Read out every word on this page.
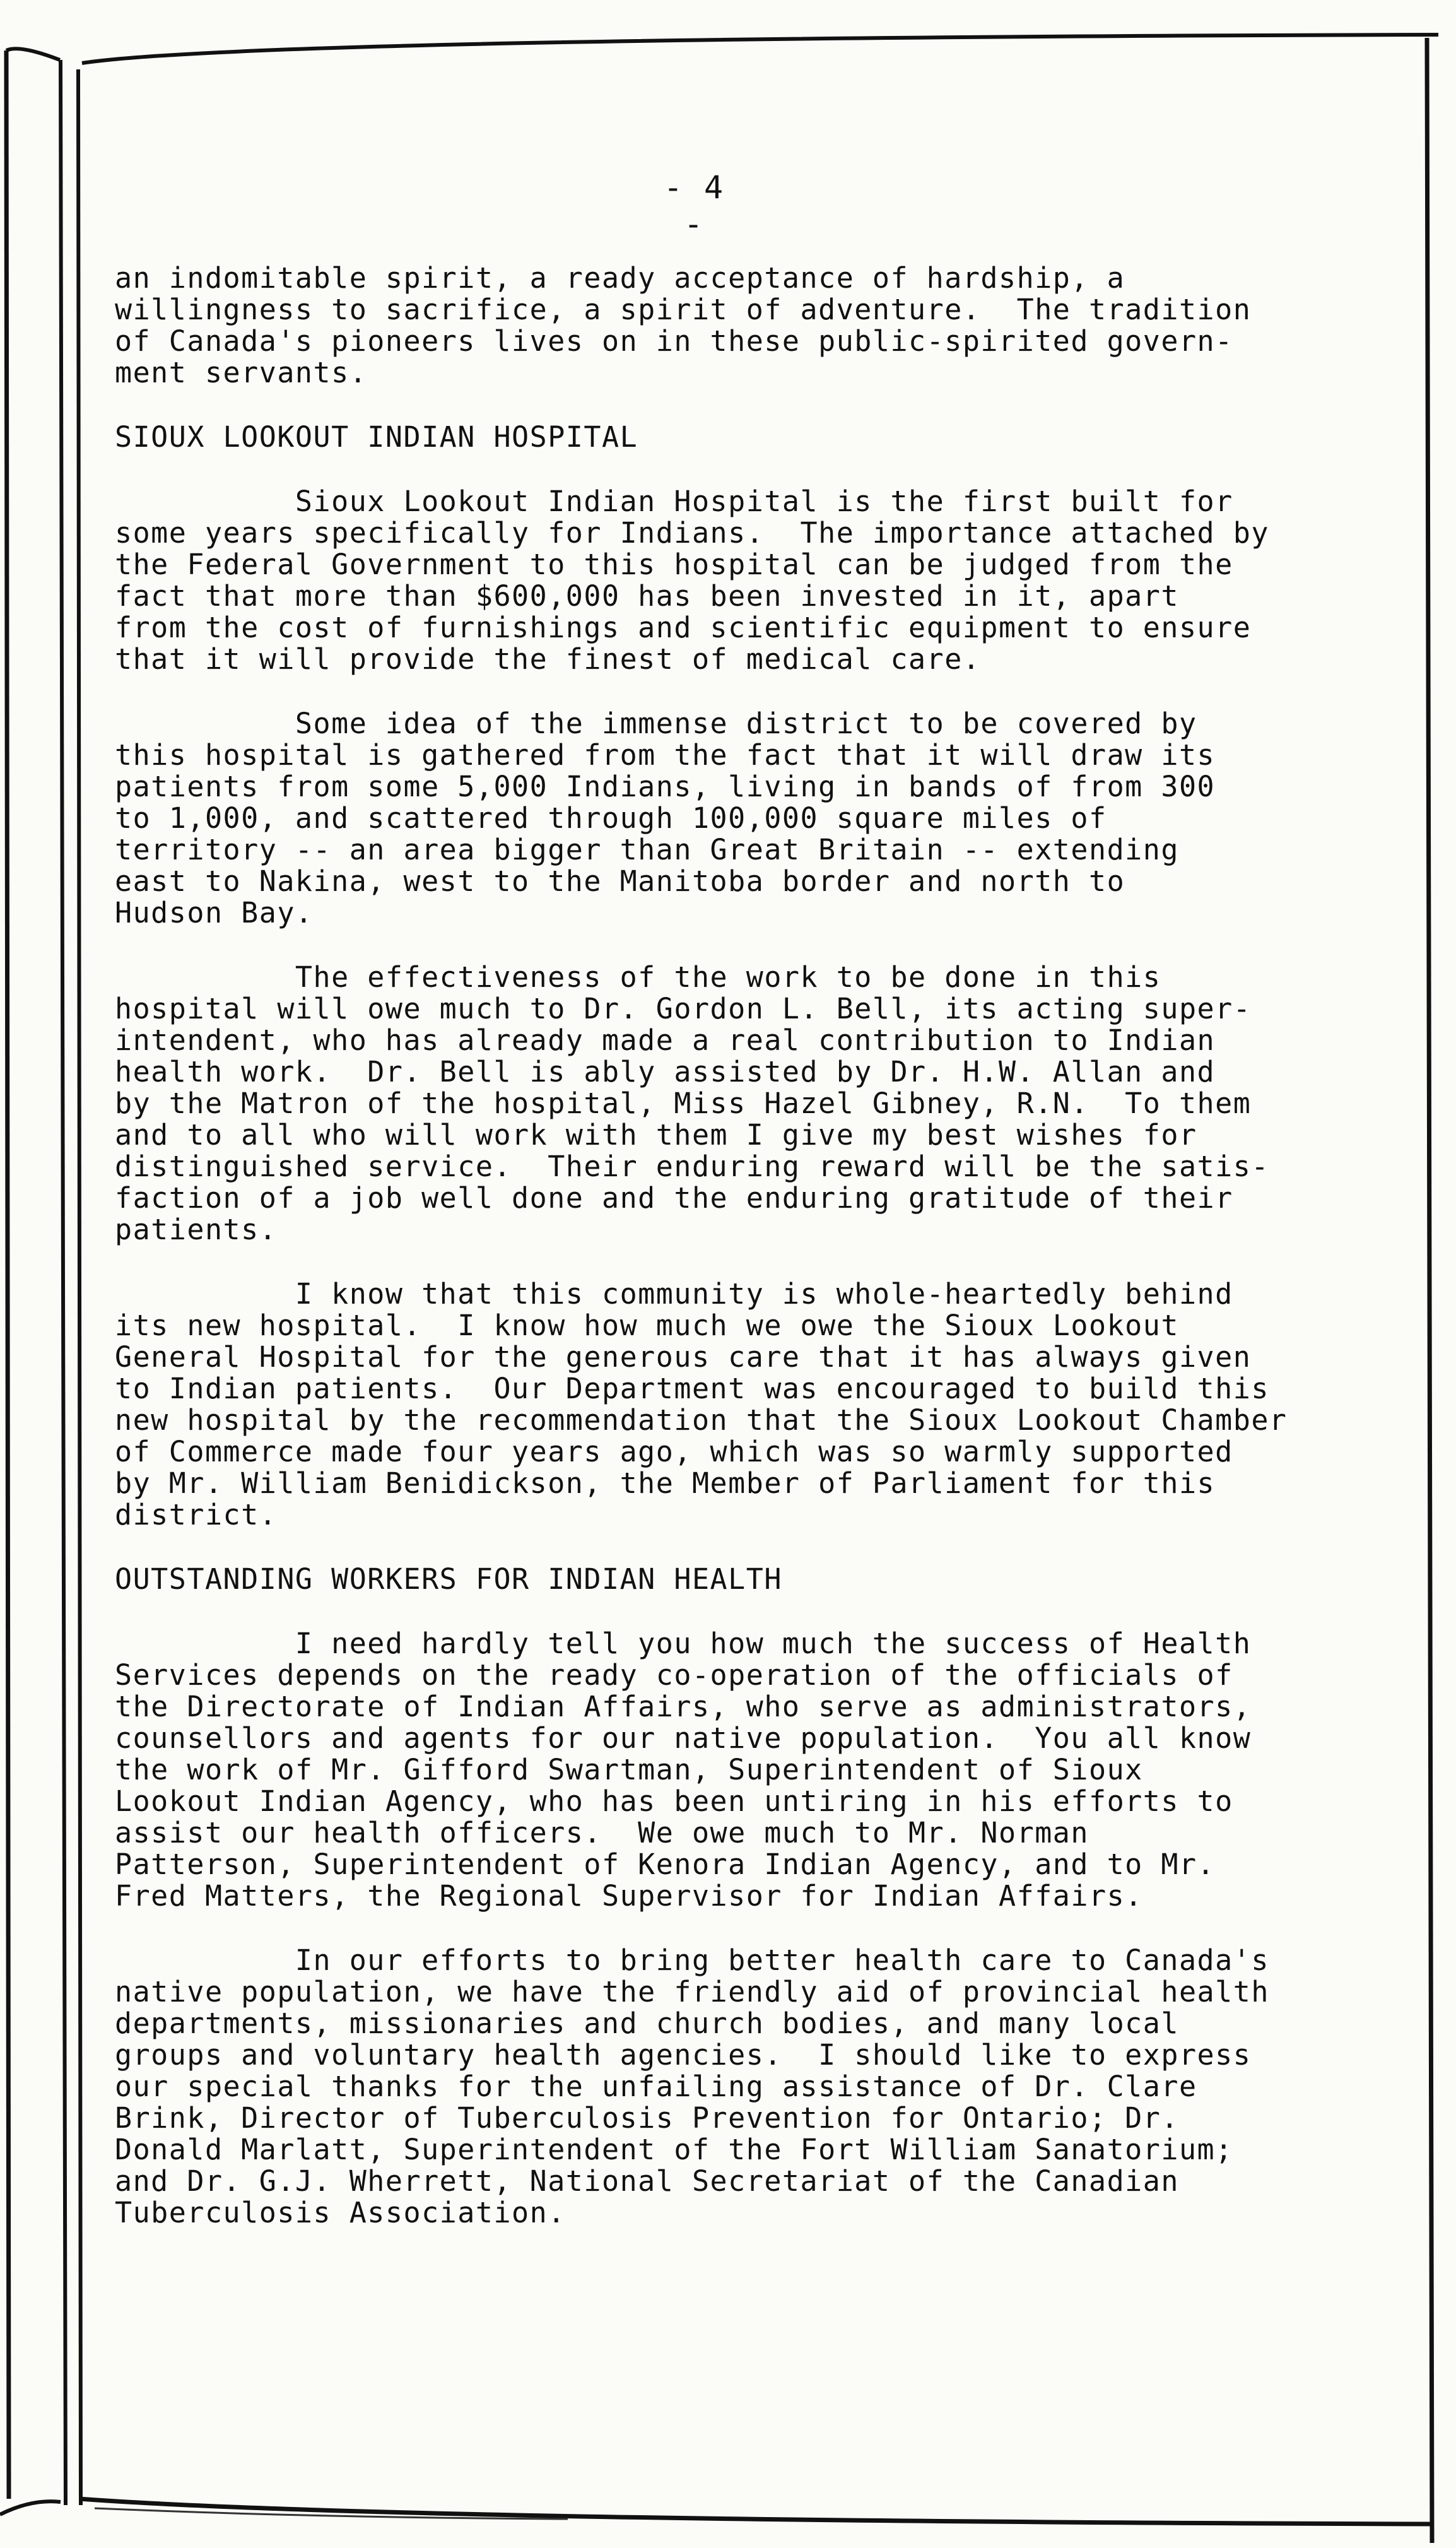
- 4 -
an indomitable spirit, a ready acceptance of hardship, a
willingness to sacrifice, a spirit of adventure.  The tradition
of Canada's pioneers lives on in these public-spirited govern-
ment servants.
SIOUX LOOKOUT INDIAN HOSPITAL
Sioux Lookout Indian Hospital is the first built for
some years specifically for Indians.  The importance attached by
the Federal Government to this hospital can be judged from the
fact that more than $600,000 has been invested in it, apart
from the cost of furnishings and scientific equipment to ensure
that it will provide the finest of medical care.
Some idea of the immense district to be covered by
this hospital is gathered from the fact that it will draw its
patients from some 5,000 Indians, living in bands of from 300
to 1,000, and scattered through 100,000 square miles of
territory -- an area bigger than Great Britain -- extending
east to Nakina, west to the Manitoba border and north to
Hudson Bay.
The effectiveness of the work to be done in this
hospital will owe much to Dr. Gordon L. Bell, its acting super-
intendent, who has already made a real contribution to Indian
health work.  Dr. Bell is ably assisted by Dr. H.W. Allan and
by the Matron of the hospital, Miss Hazel Gibney, R.N.  To them
and to all who will work with them I give my best wishes for
distinguished service.  Their enduring reward will be the satis-
faction of a job well done and the enduring gratitude of their
patients.
I know that this community is whole-heartedly behind
its new hospital.  I know how much we owe the Sioux Lookout
General Hospital for the generous care that it has always given
to Indian patients.  Our Department was encouraged to build this
new hospital by the recommendation that the Sioux Lookout Chamber
of Commerce made four years ago, which was so warmly supported
by Mr. William Benidickson, the Member of Parliament for this
district.
OUTSTANDING WORKERS FOR INDIAN HEALTH
I need hardly tell you how much the success of Health
Services depends on the ready co-operation of the officials of
the Directorate of Indian Affairs, who serve as administrators,
counsellors and agents for our native population.  You all know
the work of Mr. Gifford Swartman, Superintendent of Sioux
Lookout Indian Agency, who has been untiring in his efforts to
assist our health officers.  We owe much to Mr. Norman
Patterson, Superintendent of Kenora Indian Agency, and to Mr.
Fred Matters, the Regional Supervisor for Indian Affairs.
In our efforts to bring better health care to Canada's
native population, we have the friendly aid of provincial health
departments, missionaries and church bodies, and many local
groups and voluntary health agencies.  I should like to express
our special thanks for the unfailing assistance of Dr. Clare
Brink, Director of Tuberculosis Prevention for Ontario; Dr.
Donald Marlatt, Superintendent of the Fort William Sanatorium;
and Dr. G.J. Wherrett, National Secretariat of the Canadian
Tuberculosis Association.
